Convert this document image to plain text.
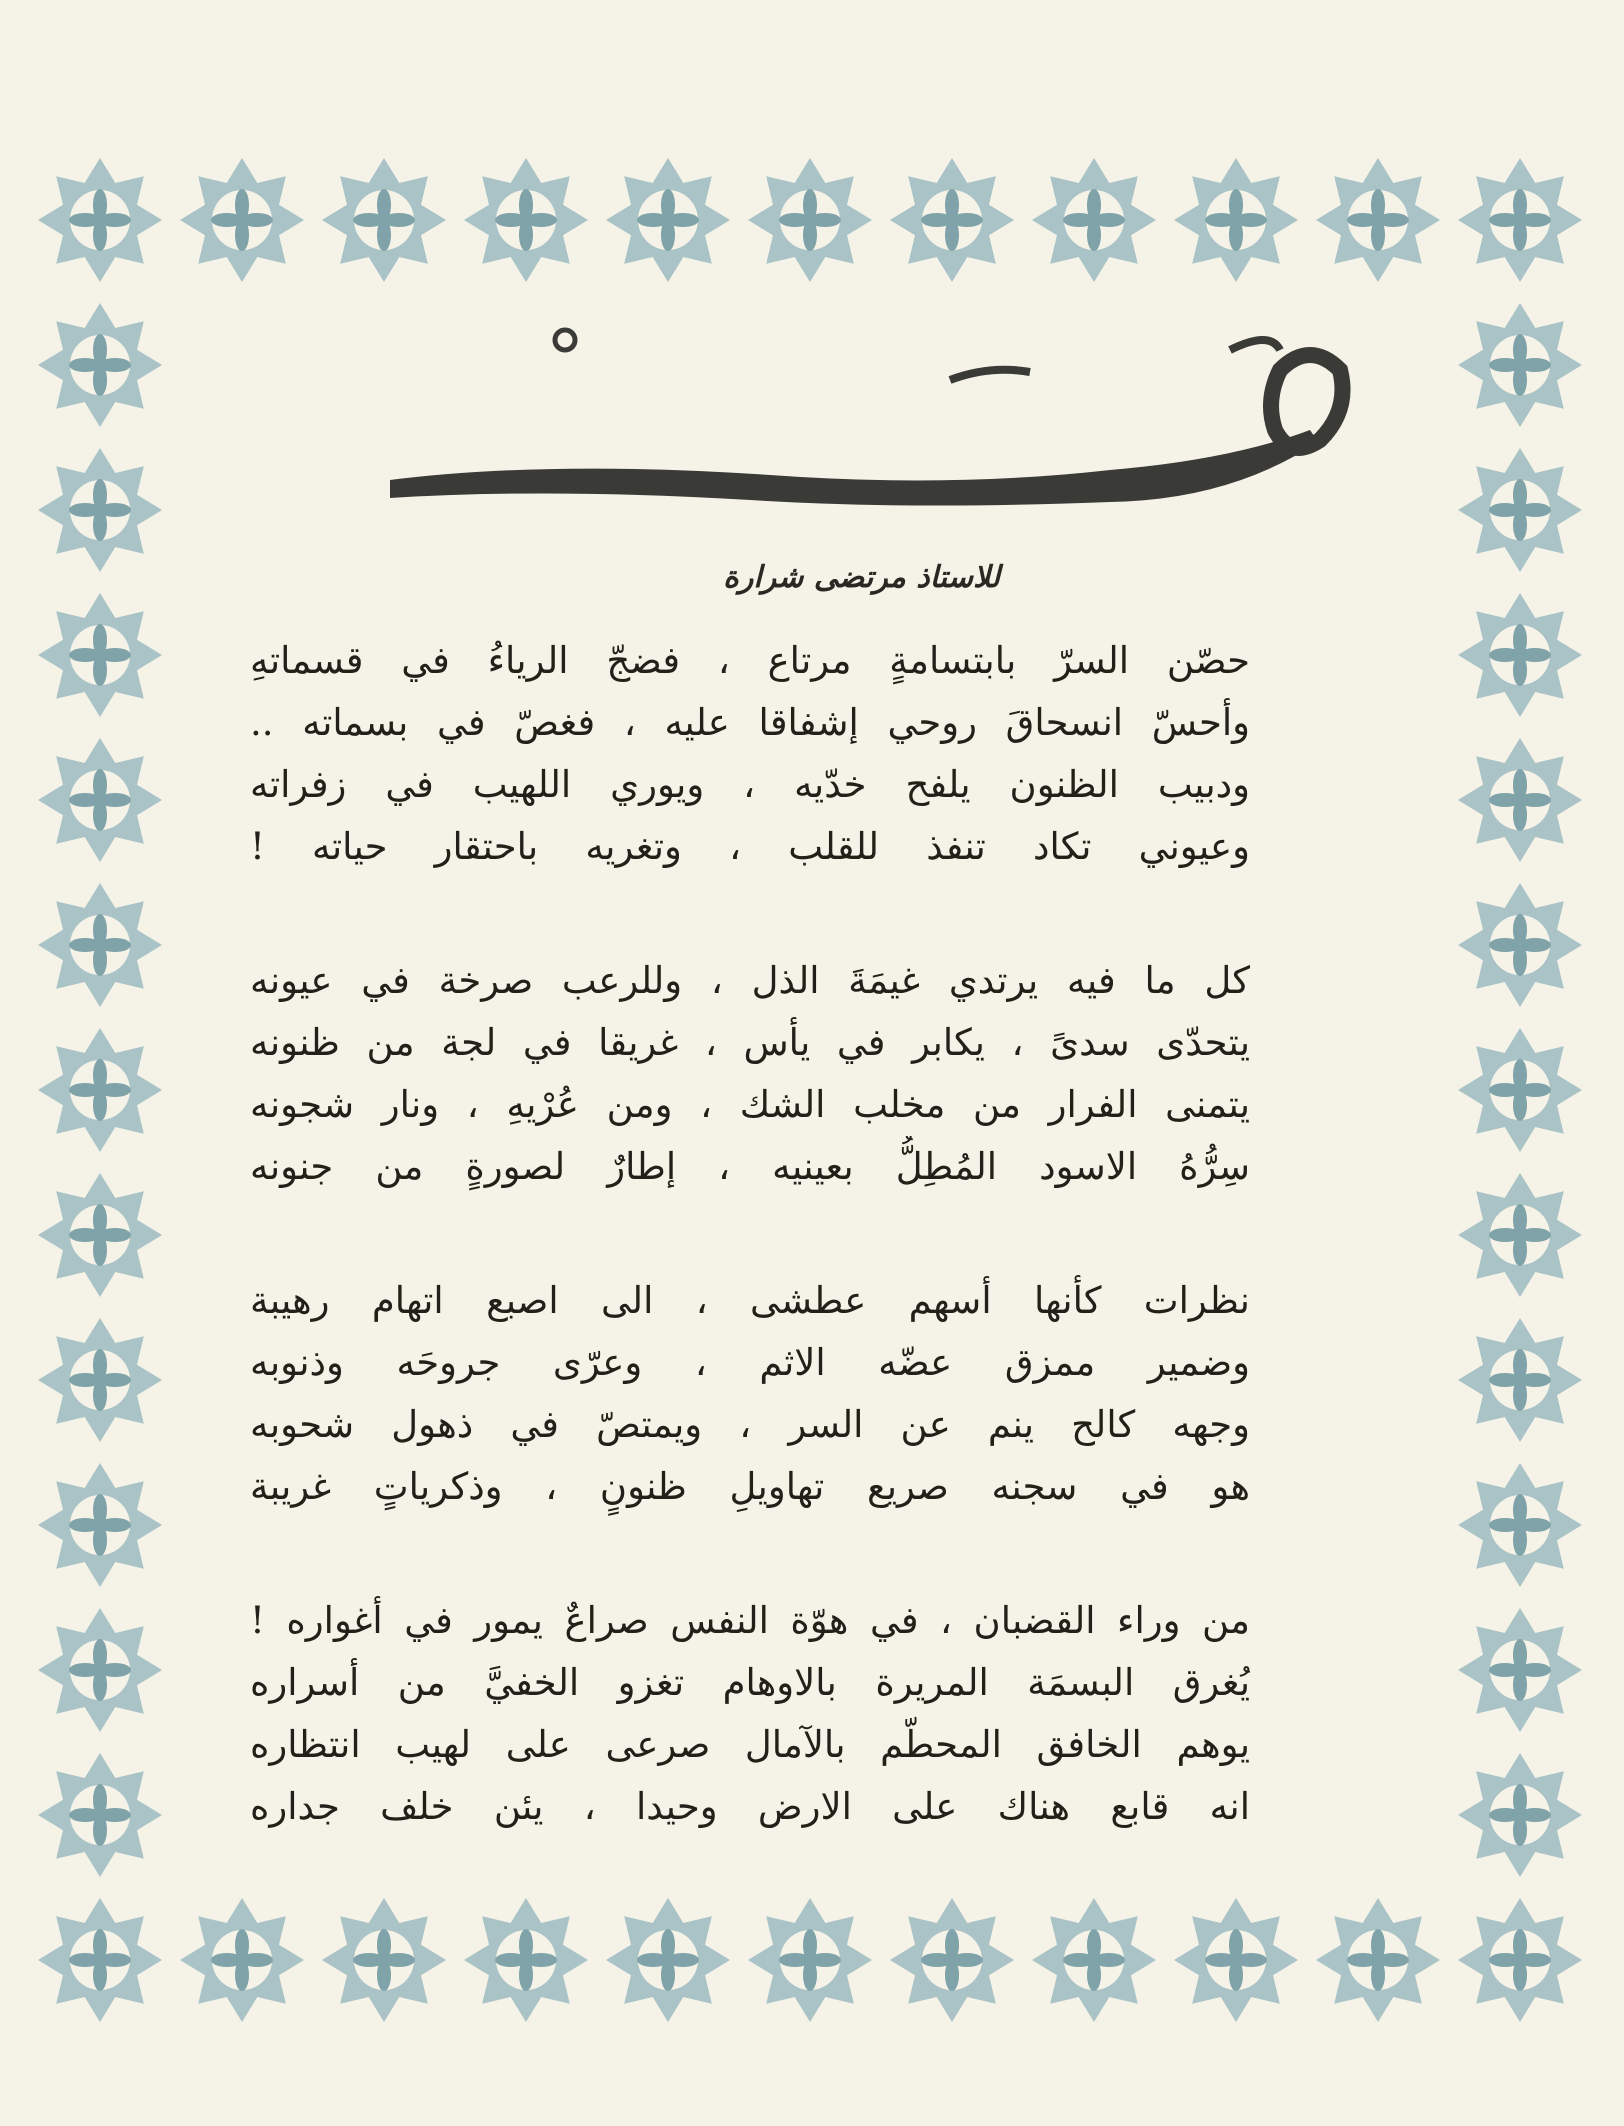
للاستاذ مرتضى شرارة
حصّن السرّ بابتسامةٍ مرتاع ، فضجّ الرياءُ في قسماتهِ
وأحسّ انسحاقَ روحي إشفاقا عليه ، فغصّ في بسماته ..
ودبيب الظنون يلفح خدّيه ، ويوري اللهيب في زفراته
وعيوني تكاد تنفذ للقلب ، وتغريه باحتقار حياته !
كل ما فيه يرتدي غيمَةَ الذل ، وللرعب صرخة في عيونه
يتحدّى سدىً ، يكابر في يأس ، غريقا في لجة من ظنونه
يتمنى الفرار من مخلب الشك ، ومن عُرْيهِ ، ونار شجونه
سِرُّهُ الاسود المُطِلُّ بعينيه ، إطارٌ لصورةٍ من جنونه
نظرات كأنها أسهم عطشى ، الى اصبع اتهام رهيبة
وضمير ممزق عضّه الاثم ، وعرّى جروحَه وذنوبه
وجهه كالح ينم عن السر ، ويمتصّ في ذهول شحوبه
هو في سجنه صريع تهاويلِ ظنونٍ ، وذكرياتٍ غريبة
من وراء القضبان ، في هوّة النفس صراعٌ يمور في أغواره !
يُغرق البسمَة المريرة بالاوهام تغزو الخفيَّ من أسراره
يوهم الخافق المحطّم بالآمال صرعى على لهيب انتظاره
انه قابع هناك على الارض وحيدا ، يئن خلف جداره
